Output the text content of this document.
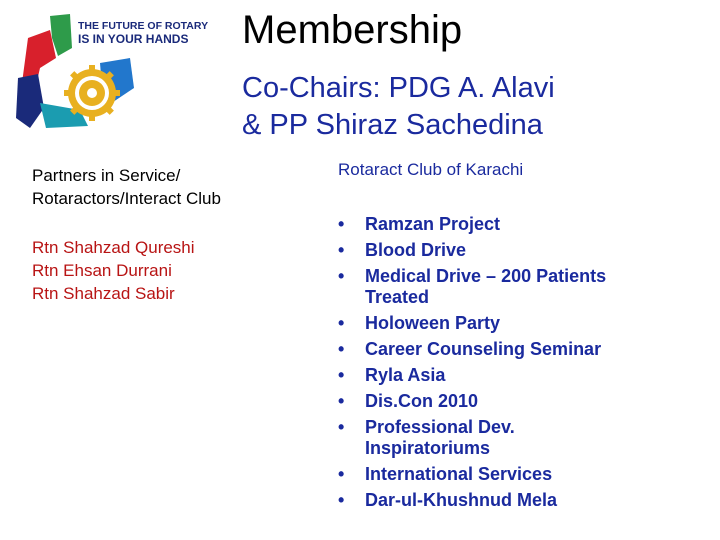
THE FUTURE OF ROTARY
IS IN YOUR HANDS Membership
Co-Chairs: PDG A. Alavi
& PP Shiraz Sachedina
Partners in Service/
Rotaractors/Interact Club
Rtn Shahzad Qureshi
Rtn Ehsan Durrani
Rtn Shahzad Sabir
Rotaract Club of Karachi
• Ramzan Project
• Blood Drive
• Medical Drive – 200 Patients
Treated
• Holoween Party
• Career Counseling Seminar
• Ryla Asia
• Dis.Con 2010
• Professional Dev.
Inspiratoriums
• International Services
• Dar-ul-Khushnud Mela
